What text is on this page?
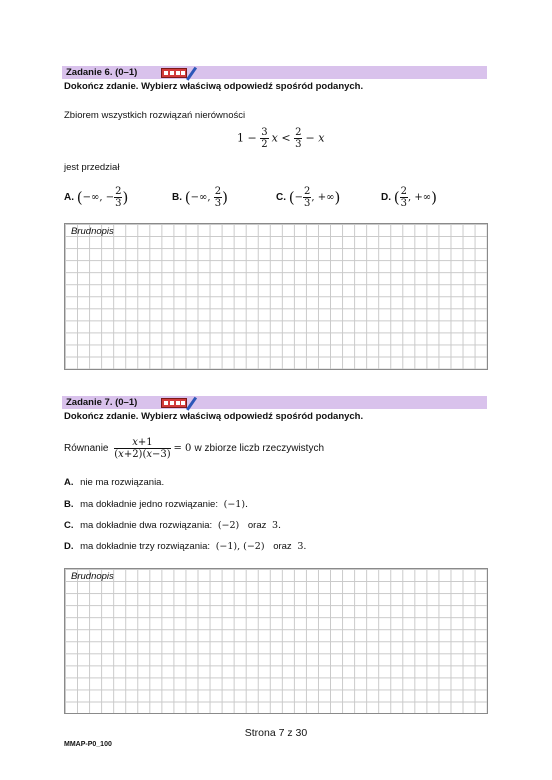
Zadanie 6. (0–1)
Dokończ zdanie. Wybierz właściwą odpowiedź spośród podanych.
Zbiorem wszystkich rozwiązań nierówności
$1 - \frac{3}{2}$ $x < \frac{2}{3} - x$
jest przedział
A. (−∞, − $\frac{2}{3}$ )	B. (−∞, $\frac{2}{3}$ )	C. (− $\frac{2}{3}$ , +∞)	D. ( $\frac{2}{3}$ , +∞)
Brudnopis
Zadanie 7. (0–1)
Dokończ zdanie. Wybierz właściwą odpowiedź spośród podanych.
Równanie $\frac{x+1}{(x+2)(x-3)} = 0$ w zbiorze liczb rzeczywistych
A. nie ma rozwiązania.
B. ma dokładnie jedno rozwiązanie: (−1).
C. ma dokładnie dwa rozwiązania: (−2) oraz 3.
D. ma dokładnie trzy rozwiązania: (−1), (−2) oraz 3.
Brudnopis
Strona 7 z 30
MMAP-P0_100
